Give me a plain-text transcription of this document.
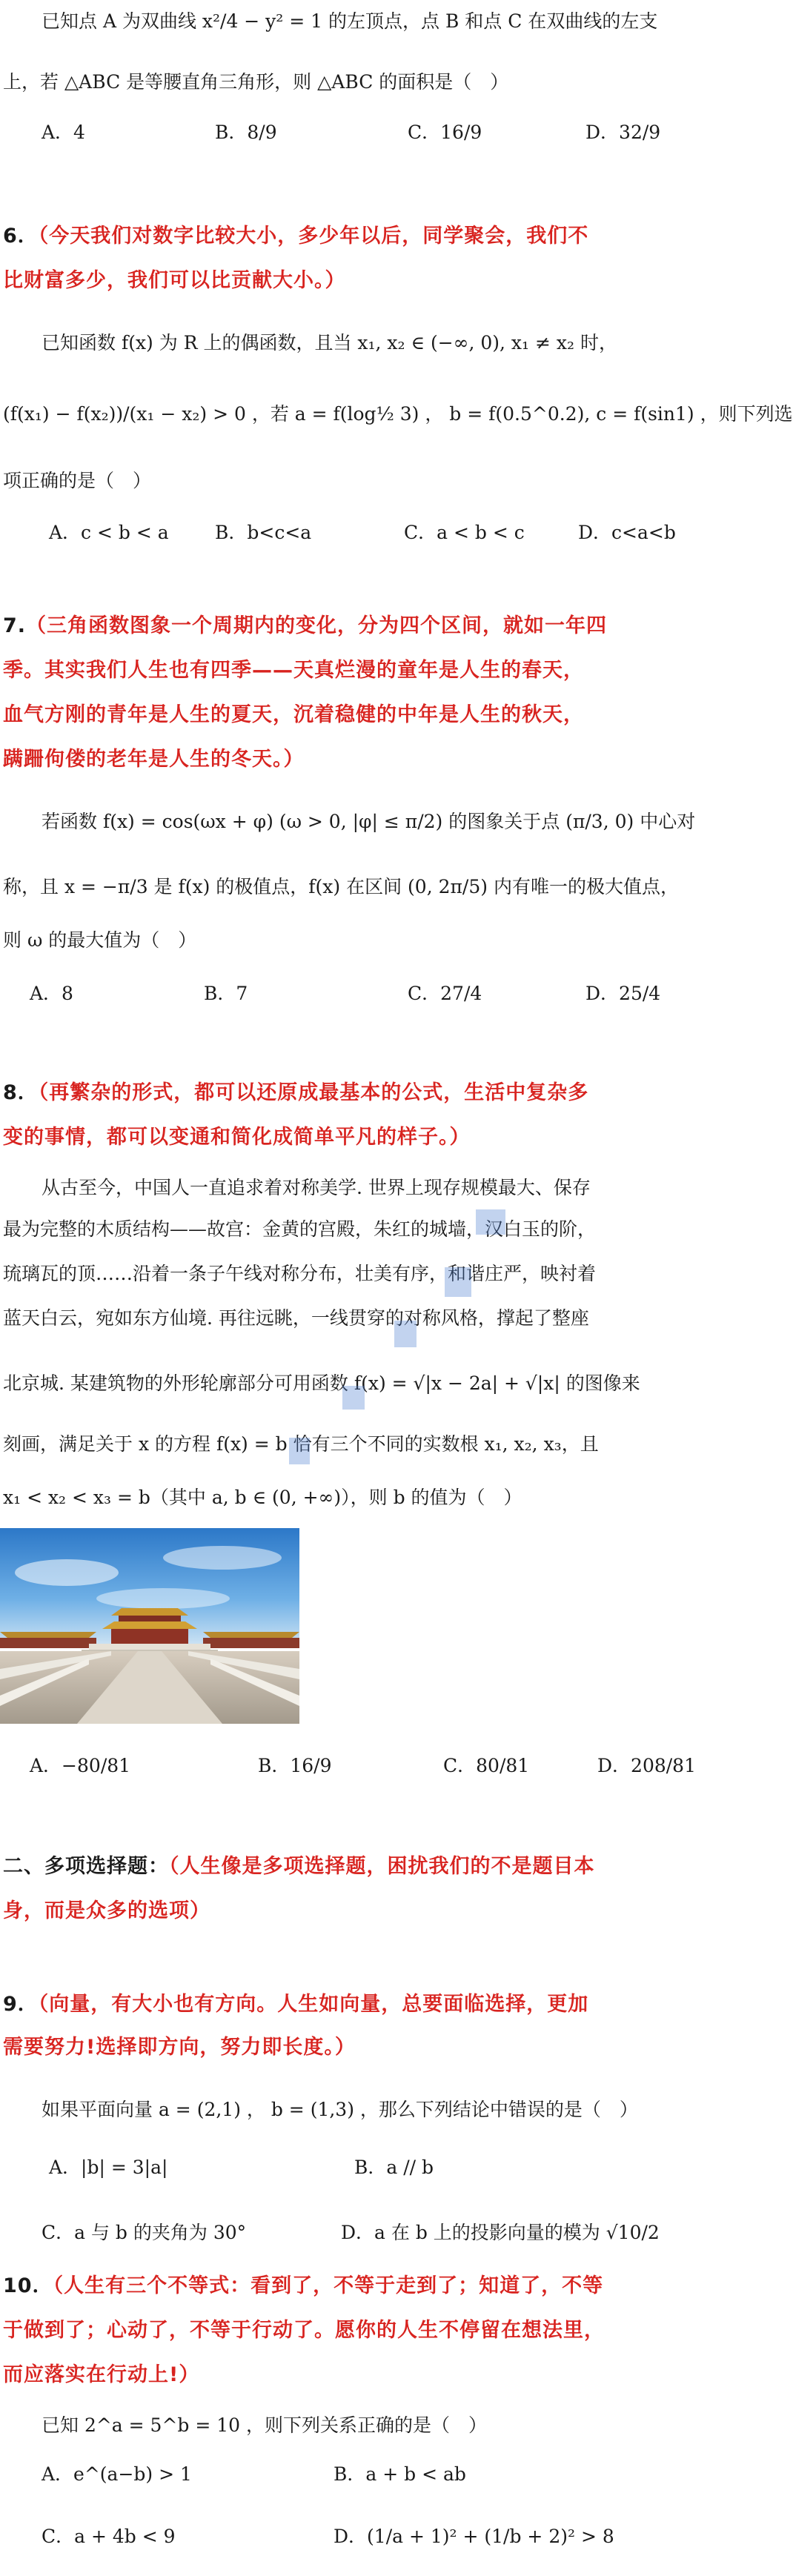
已知点 A 为双曲线 x²/4 − y² = 1 的左顶点，点 B 和点 C 在双曲线的左支
上，若 △ABC 是等腰直角三角形，则 △ABC 的面积是（　）
A．4	B．8/9	C．16/9	D．32/9
6．（今天我们对数字比较大小，多少年以后，同学聚会，我们不
比财富多少，我们可以比贡献大小。）
已知函数 f(x) 为 R 上的偶函数，且当 x₁, x₂ ∈ (−∞, 0), x₁ ≠ x₂ 时，
(f(x₁) − f(x₂))/(x₁ − x₂) > 0 ，若 a = f(log½ 3) ， b = f(0.5^0.2), c = f(sin1) ，则下列选
项正确的是（　）
A．c < b < a B．b<c<a	C．a < b < c	D．c<a<b
7.（三角函数图象一个周期内的变化，分为四个区间，就如一年四
季。其实我们人生也有四季——天真烂漫的童年是人生的春天，
血气方刚的青年是人生的夏天，沉着稳健的中年是人生的秋天，
蹒跚佝偻的老年是人生的冬天。）
若函数 f(x) = cos(ωx + φ) (ω > 0, |φ| ≤ π/2) 的图象关于点 (π/3, 0) 中心对
称，且 x = −π/3 是 f(x) 的极值点，f(x) 在区间 (0, 2π/5) 内有唯一的极大值点，
则 ω 的最大值为（　）
A．8	B．7	C．27/4	D．25/4
8．（再繁杂的形式，都可以还原成最基本的公式，生活中复杂多
变的事情，都可以变通和简化成简单平凡的样子。）
从古至今，中国人一直追求着对称美学. 世界上现存规模最大、保存
最为完整的木质结构——故宫：金黄的宫殿，朱红的城墙，汉白玉的阶，
琉璃瓦的顶……沿着一条子午线对称分布，壮美有序，和谐庄严，映衬着
蓝天白云，宛如东方仙境. 再往远眺，一线贯穿的对称风格，撑起了整座
北京城. 某建筑物的外形轮廓部分可用函数 f(x) = √|x − 2a| + √|x| 的图像来
刻画，满足关于 x 的方程 f(x) = b 恰有三个不同的实数根 x₁, x₂, x₃，且
x₁ < x₂ < x₃ = b（其中 a, b ∈ (0, +∞)），则 b 的值为（　）
A．−80/81	B．16/9	C．80/81	D．208/81
二、多项选择题：（人生像是多项选择题，困扰我们的不是题目本
身，而是众多的选项）
9．（向量，有大小也有方向。人生如向量，总要面临选择，更加
需要努力!选择即方向，努力即长度。）
如果平面向量 a = (2,1) ， b = (1,3) ，那么下列结论中错误的是（　）
A．|b| = 3|a|	B．a // b
C．a 与 b 的夹角为 30°	D．a 在 b 上的投影向量的模为 √10/2
10．（人生有三个不等式：看到了，不等于走到了；知道了，不等
于做到了；心动了，不等于行动了。愿你的人生不停留在想法里，
而应落实在行动上!）
已知 2^a = 5^b = 10 ，则下列关系正确的是（　）
A．e^(a−b) > 1	B．a + b < ab
C．a + 4b < 9	D．(1/a + 1)² + (1/b + 2)² > 8
